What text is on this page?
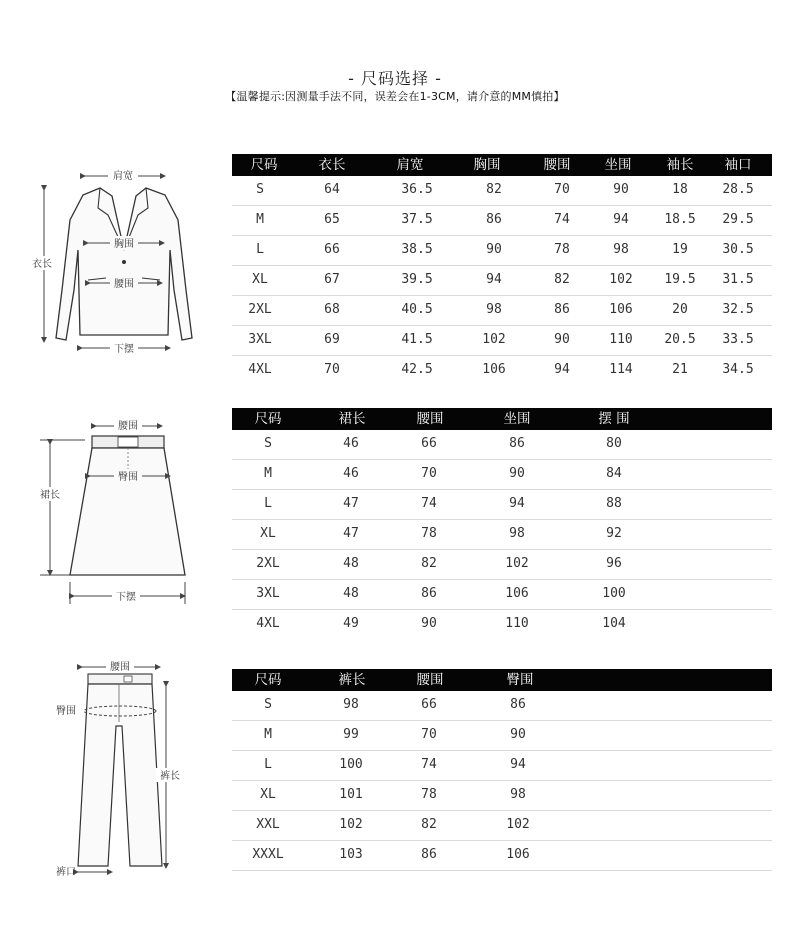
- 尺码选择 -
【温馨提示:因测量手法不同，误差会在1-3CM，请介意的MM慎拍】
肩宽
衣长
胸围
腰围
下摆
尺码	衣长	肩宽	胸围	腰围	坐围	袖长 袖口
S	64	36.5	82	70	90	18	28.5
M	65	37.5	86	74	94	18.5 29.5
L	66	38.5	90	78	98	19	30.5
XL	67	39.5	94	82	102 19.5 31.5
2XL	68	40.5	98	86	106	20	32.5
3XL	69	41.5	102	90	110 20.5 33.5
4XL	70	42.5	106	94	114	21	34.5
腰围
裙长
臀围
下摆
尺码	裙长	腰围	坐围	摆 围
S	46	66	86	80
M	46	70	90	84
L	47	74	94	88
XL	47	78	98	92
2XL	48	82	102	96
3XL	48	86	106	100
4XL	49	90	110	104
腰围
臀围
裤长
裤口
尺码	裤长	腰围	臀围
S	98	66	86
M	99	70	90
L	100	74	94
XL	101	78	98
XXL	102	82	102
XXXL	103	86	106
